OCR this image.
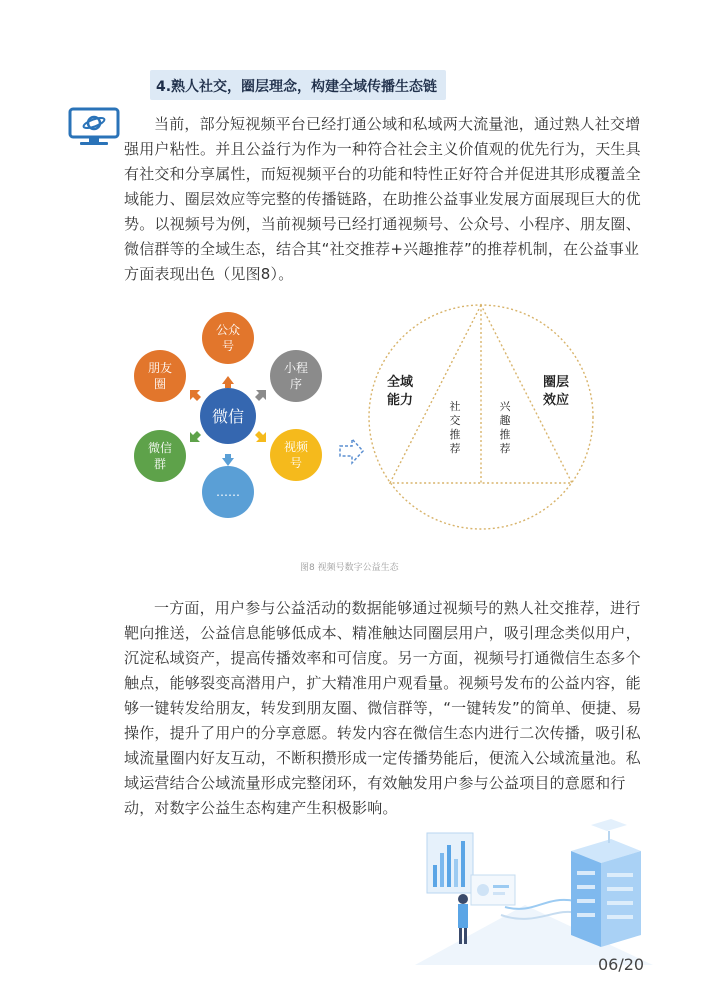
4.熟人社交，圈层理念，构建全域传播生态链

当前，部分短视频平台已经打通公域和私域两大流量池，通过熟人社交增强用户粘性。并且公益行为作为一种符合社会主义价值观的优先行为，天生具有社交和分享属性，而短视频平台的功能和特性正好符合并促进其形成覆盖全域能力、圈层效应等完整的传播链路，在助推公益事业发展方面展现巨大的优势。以视频号为例，当前视频号已经打通视频号、公众号、小程序、朋友圈、微信群等的全域生态，结合其“社交推荐+兴趣推荐”的推荐机制，在公益事业方面表现出色（见图8）。

微信
公众
号
小程
序
视频
号
……
微信
群
朋友
圈	全域
能力
圈层
效应
社
交
推
荐
兴
趣
推
荐
图8 视频号数字公益生态

一方面，用户参与公益活动的数据能够通过视频号的熟人社交推荐，进行靶向推送，公益信息能够低成本、精准触达同圈层用户，吸引理念类似用户，沉淀私域资产，提高传播效率和可信度。另一方面，视频号打通微信生态多个触点，能够裂变高潜用户，扩大精准用户观看量。视频号发布的公益内容，能够一键转发给朋友，转发到朋友圈、微信群等，“一键转发”的简单、便捷、易操作，提升了用户的分享意愿。转发内容在微信生态内进行二次传播，吸引私域流量圈内好友互动，不断积攒形成一定传播势能后，便流入公域流量池。私域运营结合公域流量形成完整闭环，有效触发用户参与公益项目的意愿和行动，对数字公益生态构建产生积极影响。

06/20
